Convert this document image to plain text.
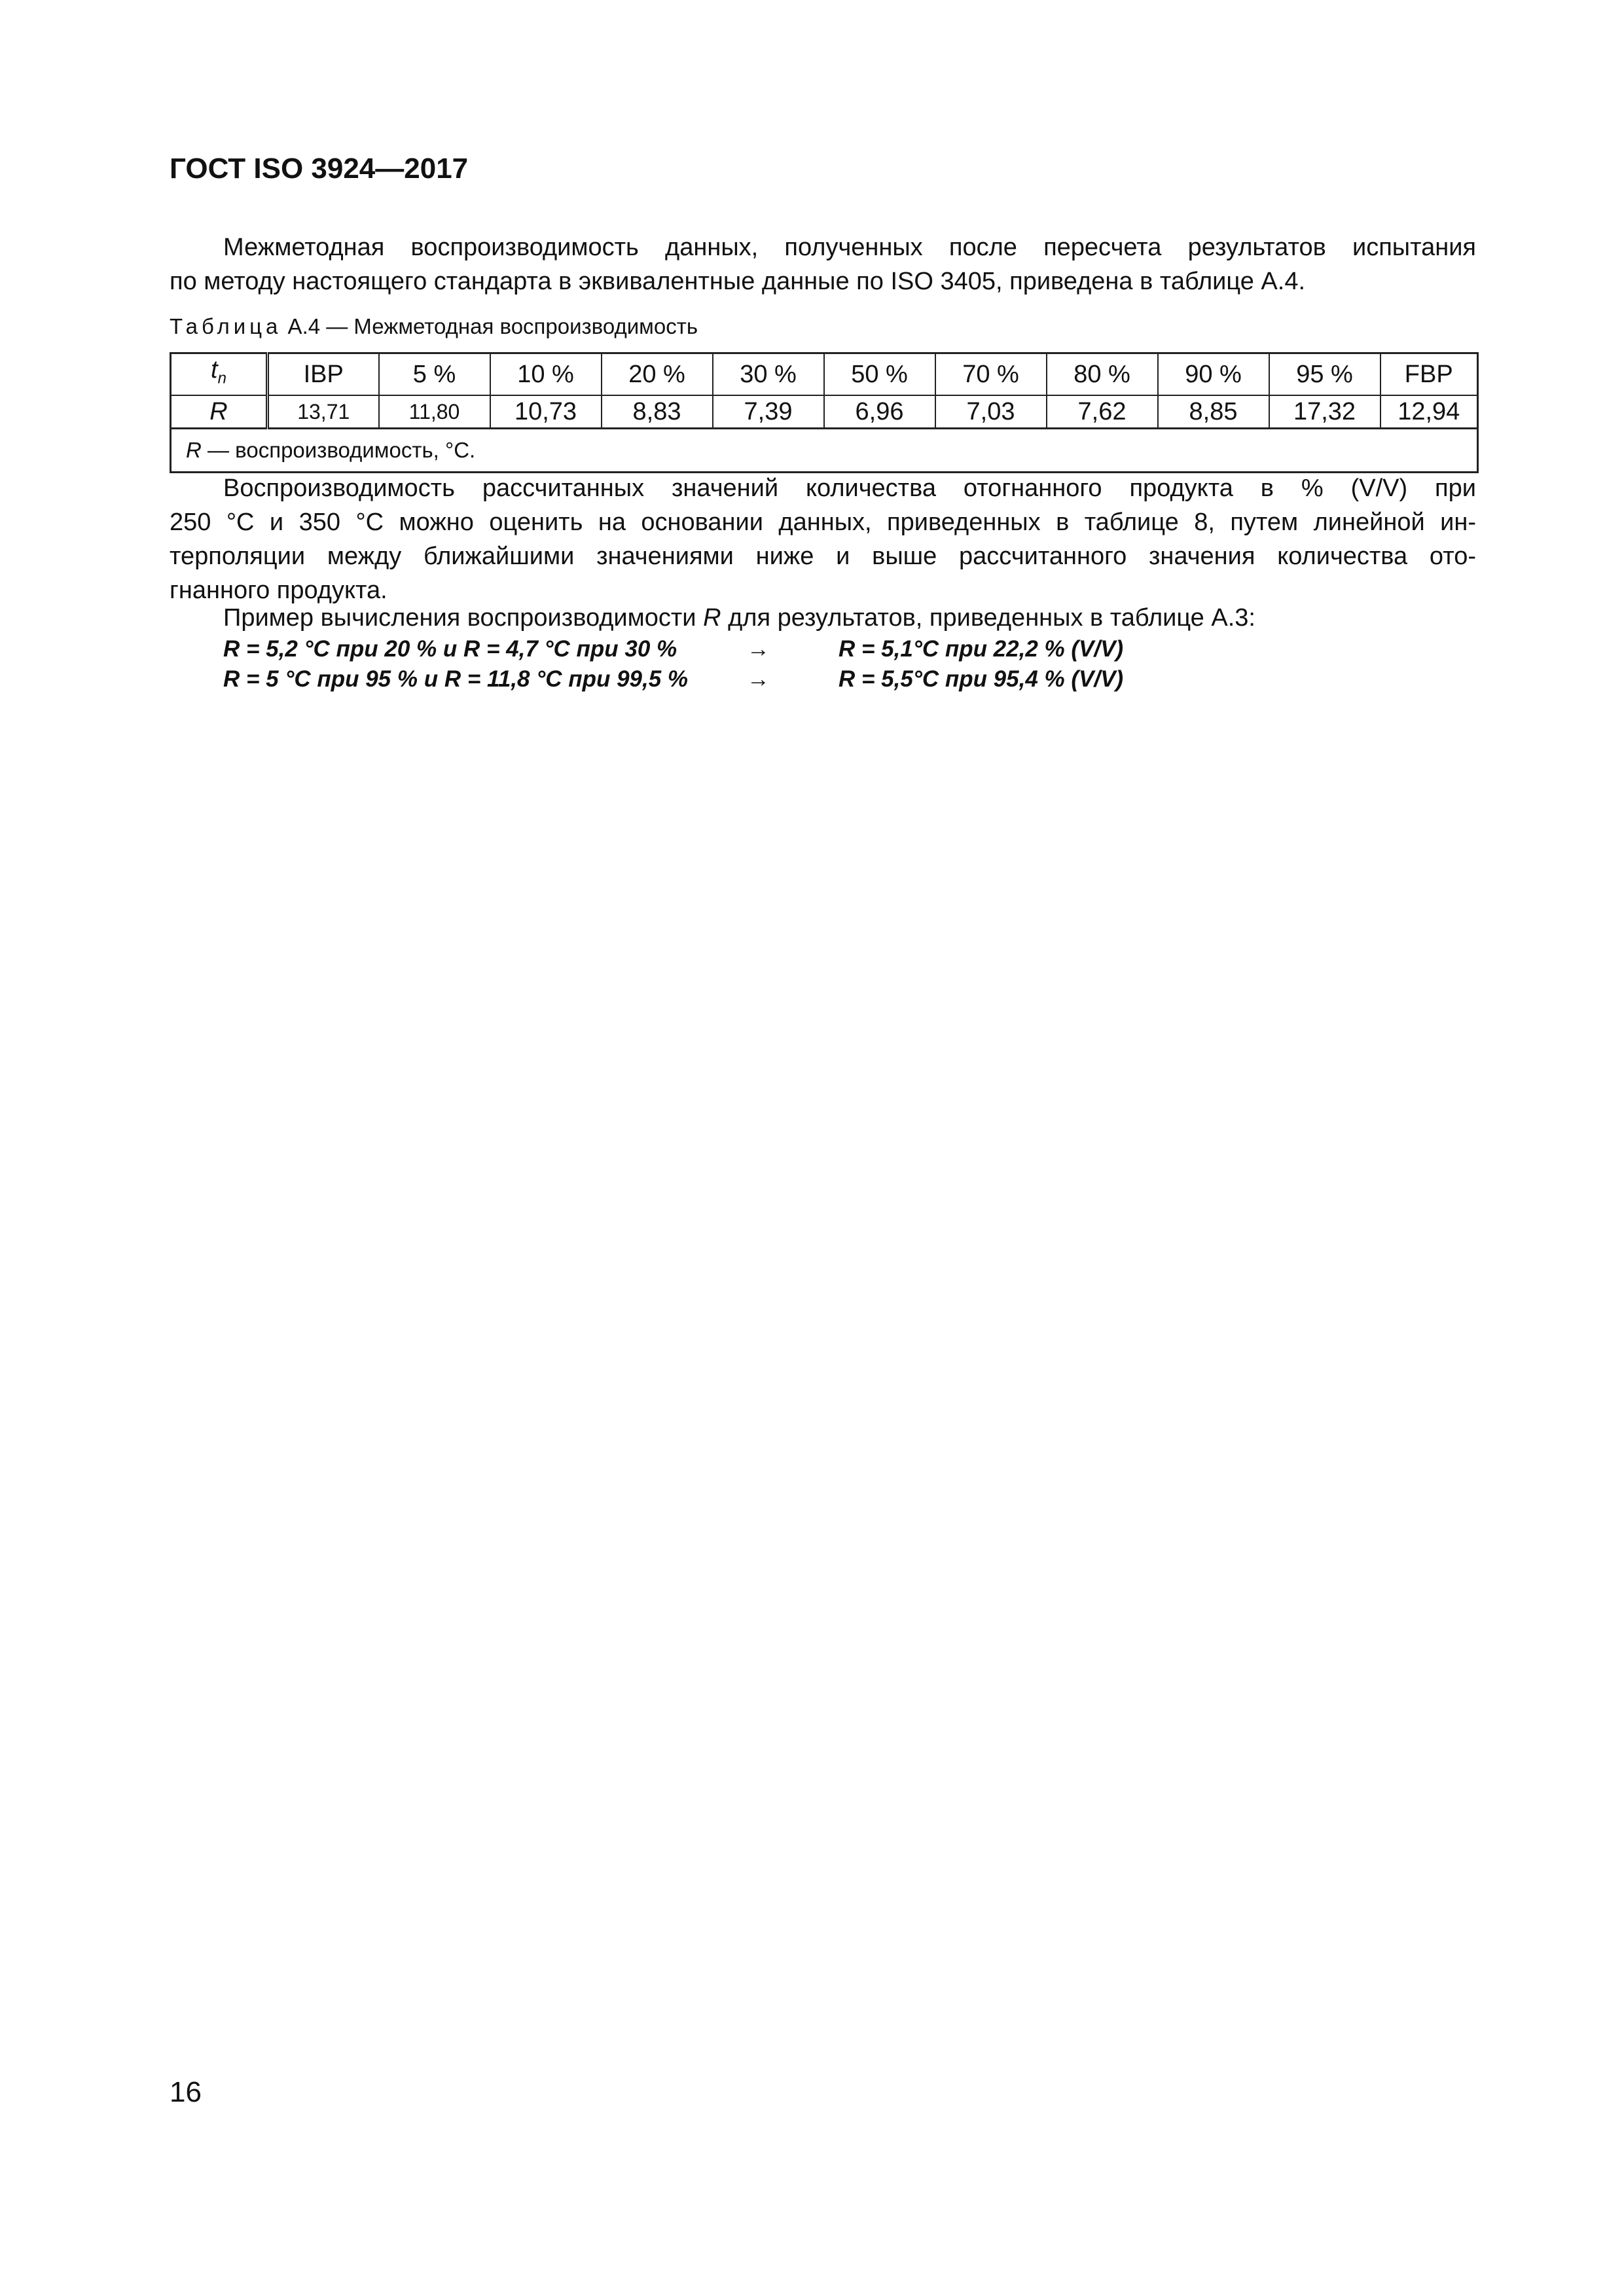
ГОСТ ISO 3924—2017

Межметодная воспроизводимость данных, полученных после пересчета результатов испытания

по методу настоящего стандарта в эквивалентные данные по ISO 3405, приведена в таблице А.4.

Таблица А.4 — Межметодная воспроизводимость
$t_n$	IBP	5 %	10 %	20 %	30 %	50 %	70 %	80 %	90 %	95 %	FBP
R	13,71	11,80	10,73	8,83	7,39	6,96	7,03	7,62	8,85	17,32	12,94
R — воспроизводимость, °C.											

Воспроизводимость рассчитанных значений количества отогнанного продукта в % (V/V) при

250 °C и 350 °C можно оценить на основании данных, приведенных в таблице 8, путем линейной ин-

терполяции между ближайшими значениями ниже и выше рассчитанного значения количества ото-

гнанного продукта.

Пример вычисления воспроизводимости R для результатов, приведенных в таблице А.3:
R = 5,2 °C при 20 % и R = 4,7 °C при 30 %	→	R = 5,1°C при 22,2 % (V/V)
R = 5 °C при 95 % и R = 11,8 °C при 99,5 %	→	R = 5,5°C при 95,4 % (V/V)
16
